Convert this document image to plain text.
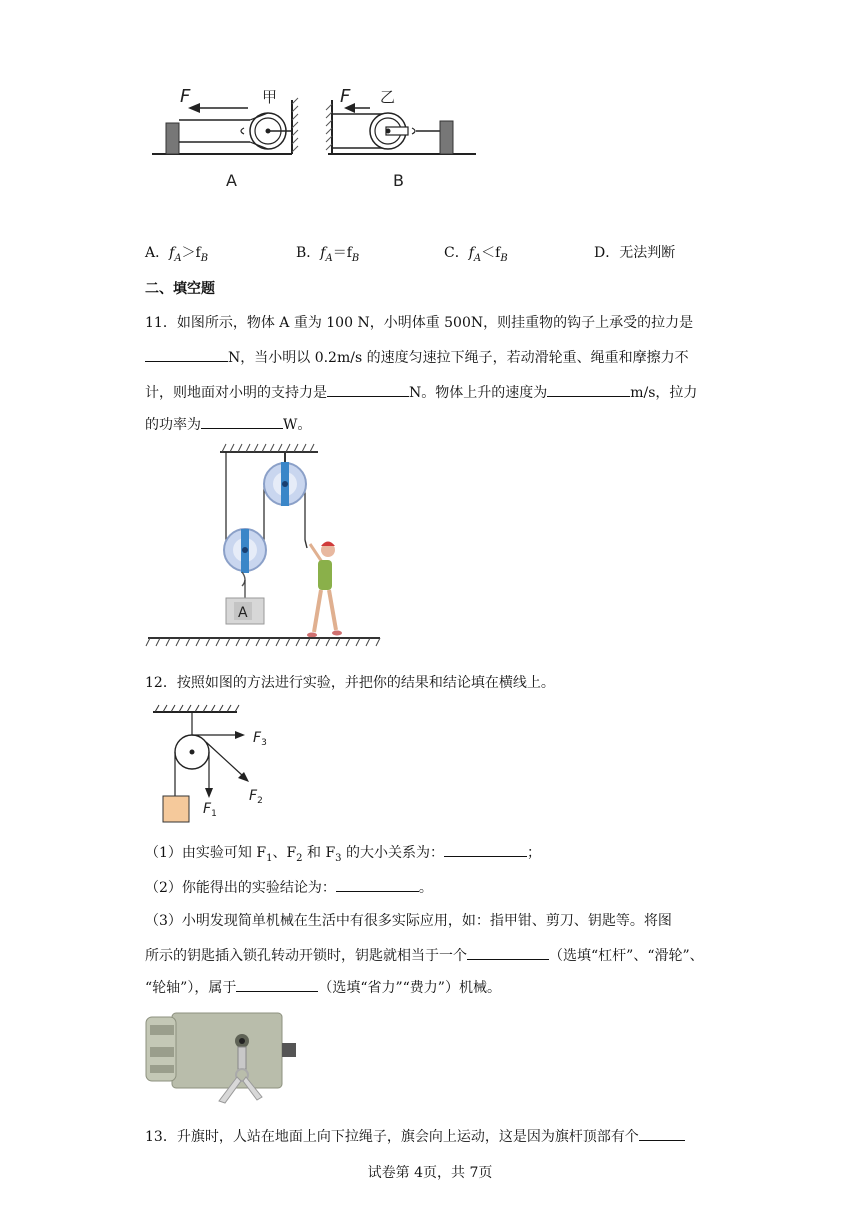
F	甲
A
F 乙
B
A．$f_A>f_B$	B．$f_A=f_B$	C．$f_A<f_B$	D．无法判断
二、填空题
11．如图所示，物体 A 重为 100 N，小明体重 500N，则挂重物的钩子上承受的拉力是
N，当小明以 0.2m/s 的速度匀速拉下绳子，若动滑轮重、绳重和摩擦力不
计，则地面对小明的支持力是	N。物体上升的速度为	m/s，拉力
的功率为	W。
A
12．按照如图的方法进行实验，并把你的结果和结论填在横线上。
$F_3$
$F_2$
$F_1$
（1）由实验可知 $F_1$、$F_2$ 和 $F_3$ 的大小关系为：	；
（2）你能得出的实验结论为：	。
（3）小明发现简单机械在生活中有很多实际应用，如：指甲钳、剪刀、钥匙等。将图
所示的钥匙插入锁孔转动开锁时，钥匙就相当于一个	（选填“杠杆”、“滑轮”、
“轮轴”），属于	（选填“省力”“费力”）机械。
13．升旗时，人站在地面上向下拉绳子，旗会向上运动，这是因为旗杆顶部有个
试卷第 4页，共 7页
